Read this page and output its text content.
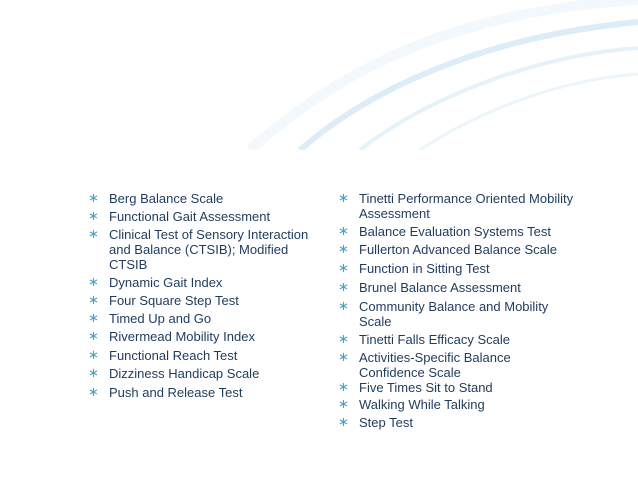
∗ Berg Balance Scale
∗ Functional Gait Assessment
∗ Clinical Test of Sensory Interaction and Balance (CTSIB); Modified CTSIB
∗ Dynamic Gait Index
∗ Four Square Step Test
∗ Timed Up and Go
∗ Rivermead Mobility Index
∗ Functional Reach Test
∗ Dizziness Handicap Scale
∗ Push and Release Test
∗ Tinetti Performance Oriented Mobility Assessment
∗ Balance Evaluation Systems Test
∗ Fullerton Advanced Balance Scale
∗ Function in Sitting Test
∗ Brunel Balance Assessment
∗ Community Balance and Mobility Scale
∗ Tinetti Falls Efficacy Scale
∗ Activities-Specific Balance Confidence Scale
∗ Five Times Sit to Stand
∗ Walking While Talking
∗ Step Test
